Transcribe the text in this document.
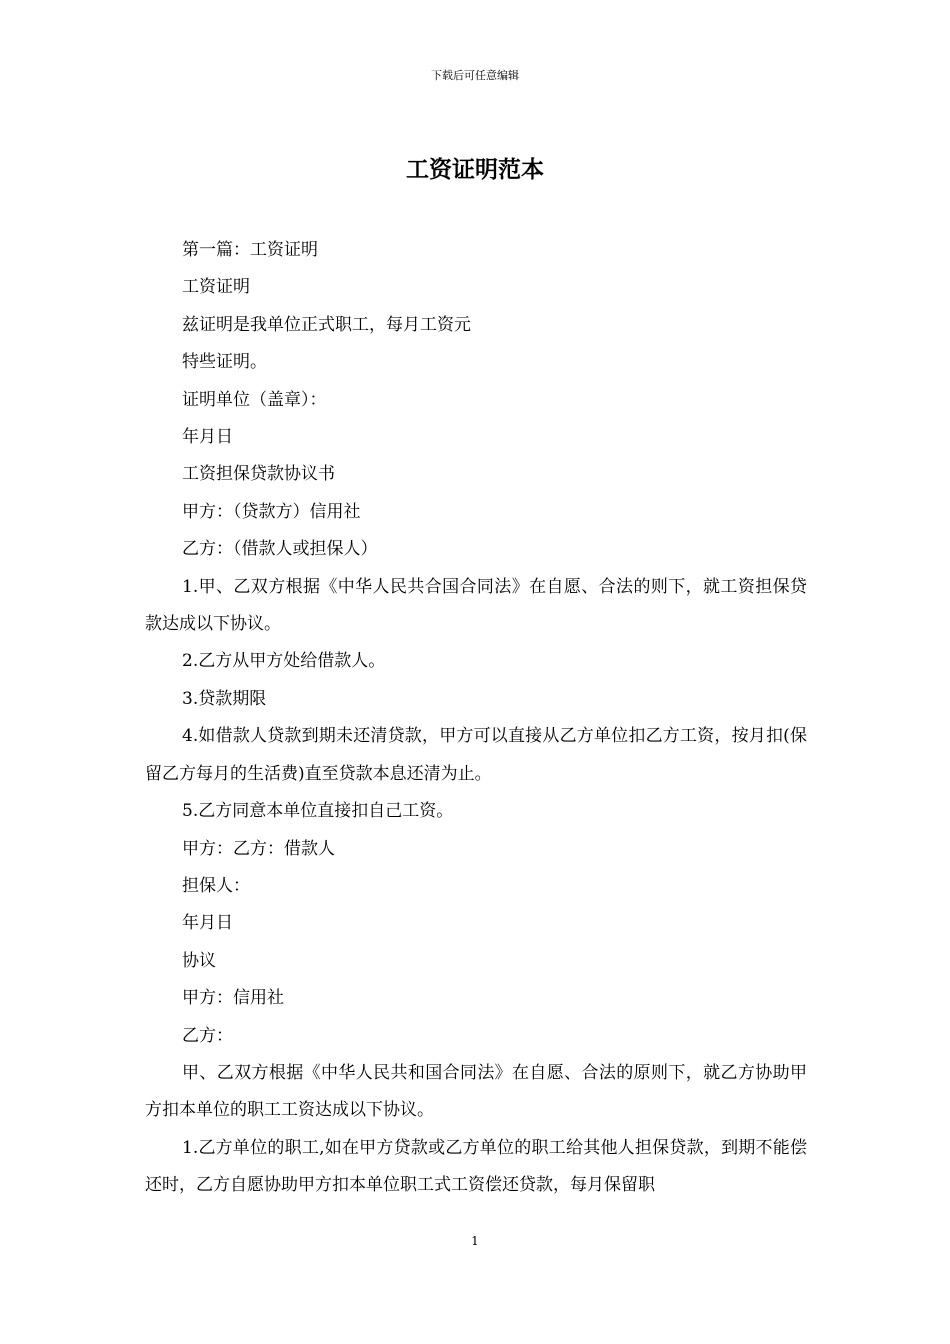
下载后可任意编辑
工资证明范本

第一篇：工资证明

工资证明

兹证明是我单位正式职工，每月工资元

特些证明。

证明单位（盖章）：

年月日

工资担保贷款协议书

甲方：（贷款方）信用社

乙方：（借款人或担保人）

1.甲、乙双方根据《中华人民共合国合同法》在自愿、合法的则下，就工资担保贷款达成以下协议。

2.乙方从甲方处给借款人。

3.贷款期限

4.如借款人贷款到期未还清贷款，甲方可以直接从乙方单位扣乙方工资，按月扣(保留乙方每月的生活费)直至贷款本息还清为止。

5.乙方同意本单位直接扣自己工资。

甲方：乙方：借款人

担保人：

年月日

协议

甲方：信用社

乙方：

甲、乙双方根据《中华人民共和国合同法》在自愿、合法的原则下，就乙方协助甲方扣本单位的职工工资达成以下协议。

1.乙方单位的职工,如在甲方贷款或乙方单位的职工给其他人担保贷款，到期不能偿还时，乙方自愿协助甲方扣本单位职工式工资偿还贷款，每月保留职

1
